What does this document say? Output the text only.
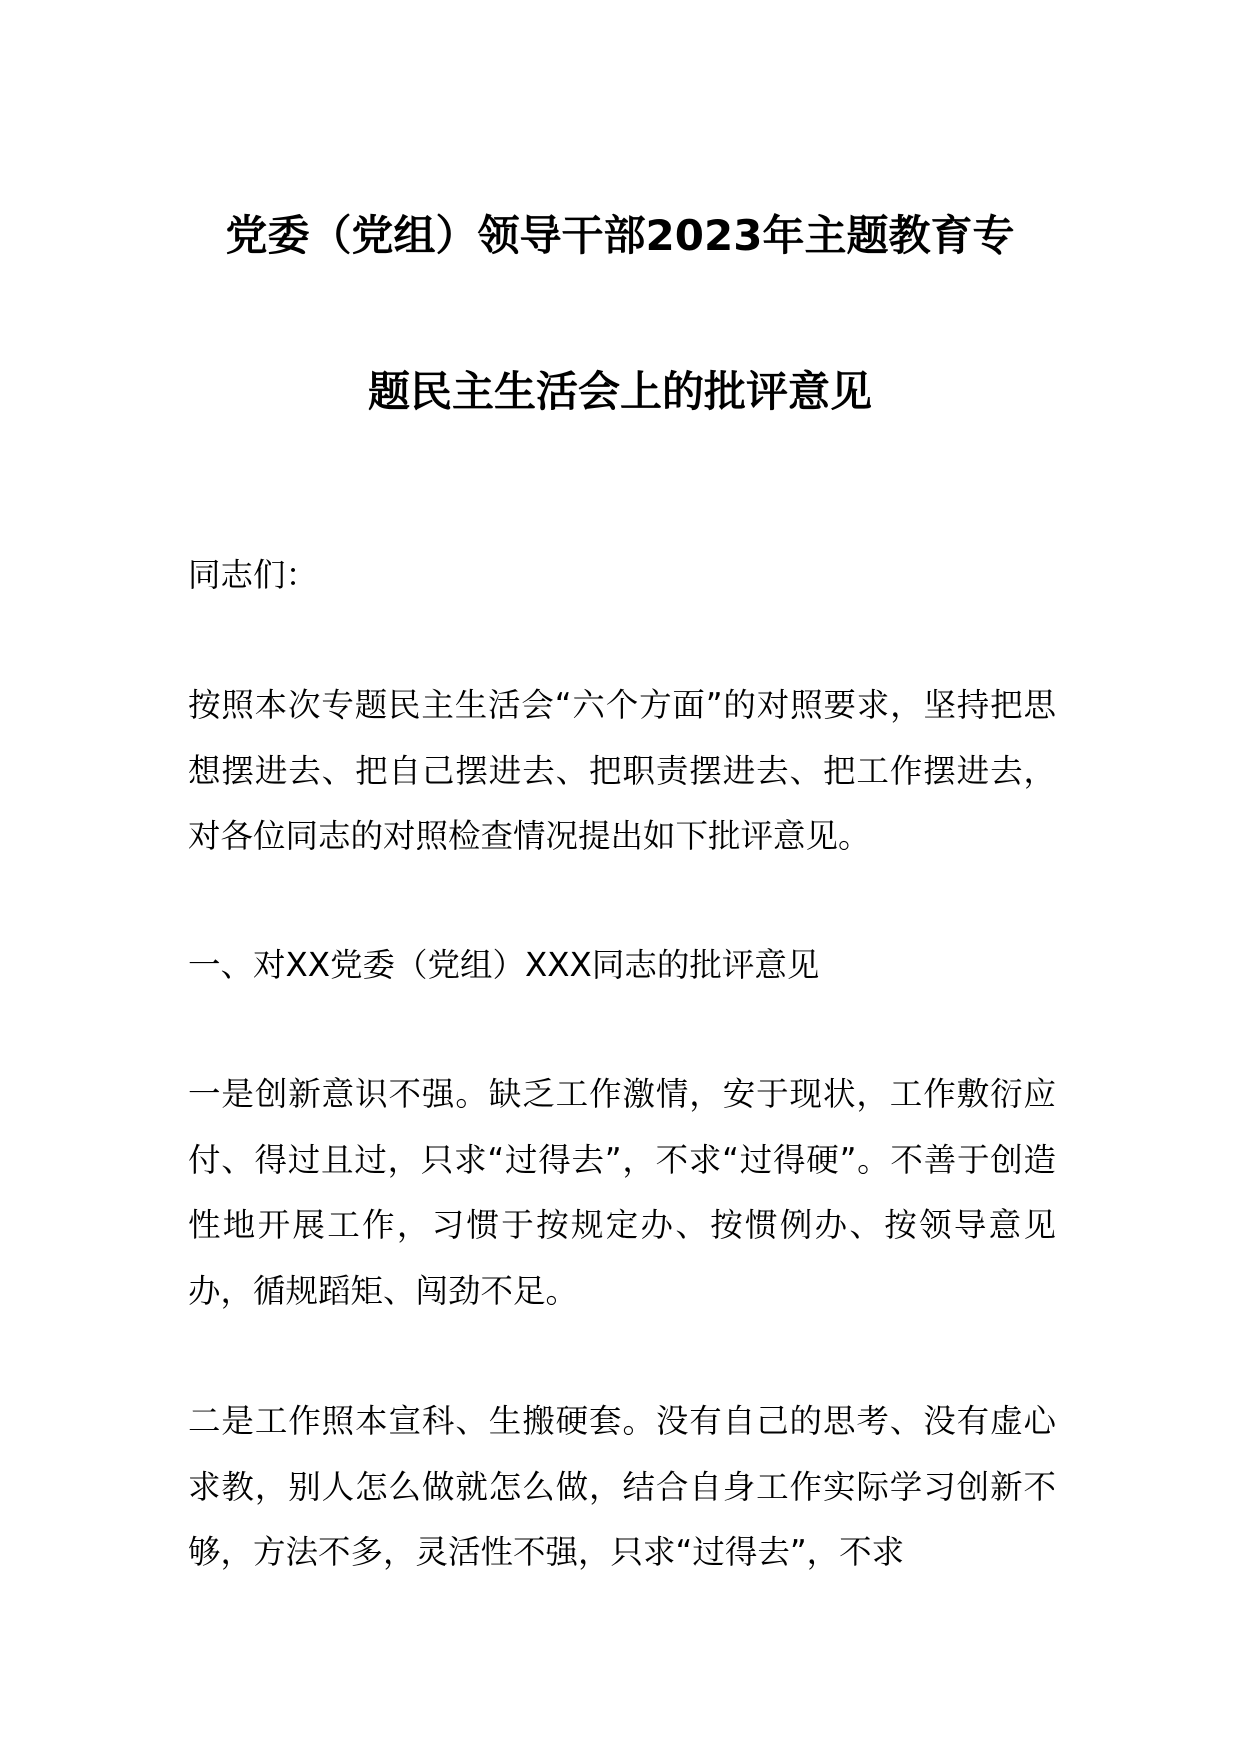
党委（党组）领导干部2023年主题教育专
题民主生活会上的批评意见
同志们：
按照本次专题民主生活会“六个方面”的对照要求，坚持把思想摆进去、把自己摆进去、把职责摆进去、把工作摆进去，对各位同志的对照检查情况提出如下批评意见。
一、对XX党委（党组）XXX同志的批评意见
一是创新意识不强。缺乏工作激情，安于现状，工作敷衍应付、得过且过，只求“过得去”，不求“过得硬”。不善于创造性地开展工作，习惯于按规定办、按惯例办、按领导意见办，循规蹈矩、闯劲不足。
二是工作照本宣科、生搬硬套。没有自己的思考、没有虚心求教，别人怎么做就怎么做，结合自身工作实际学习创新不够，方法不多，灵活性不强，只求“过得去”，不求
